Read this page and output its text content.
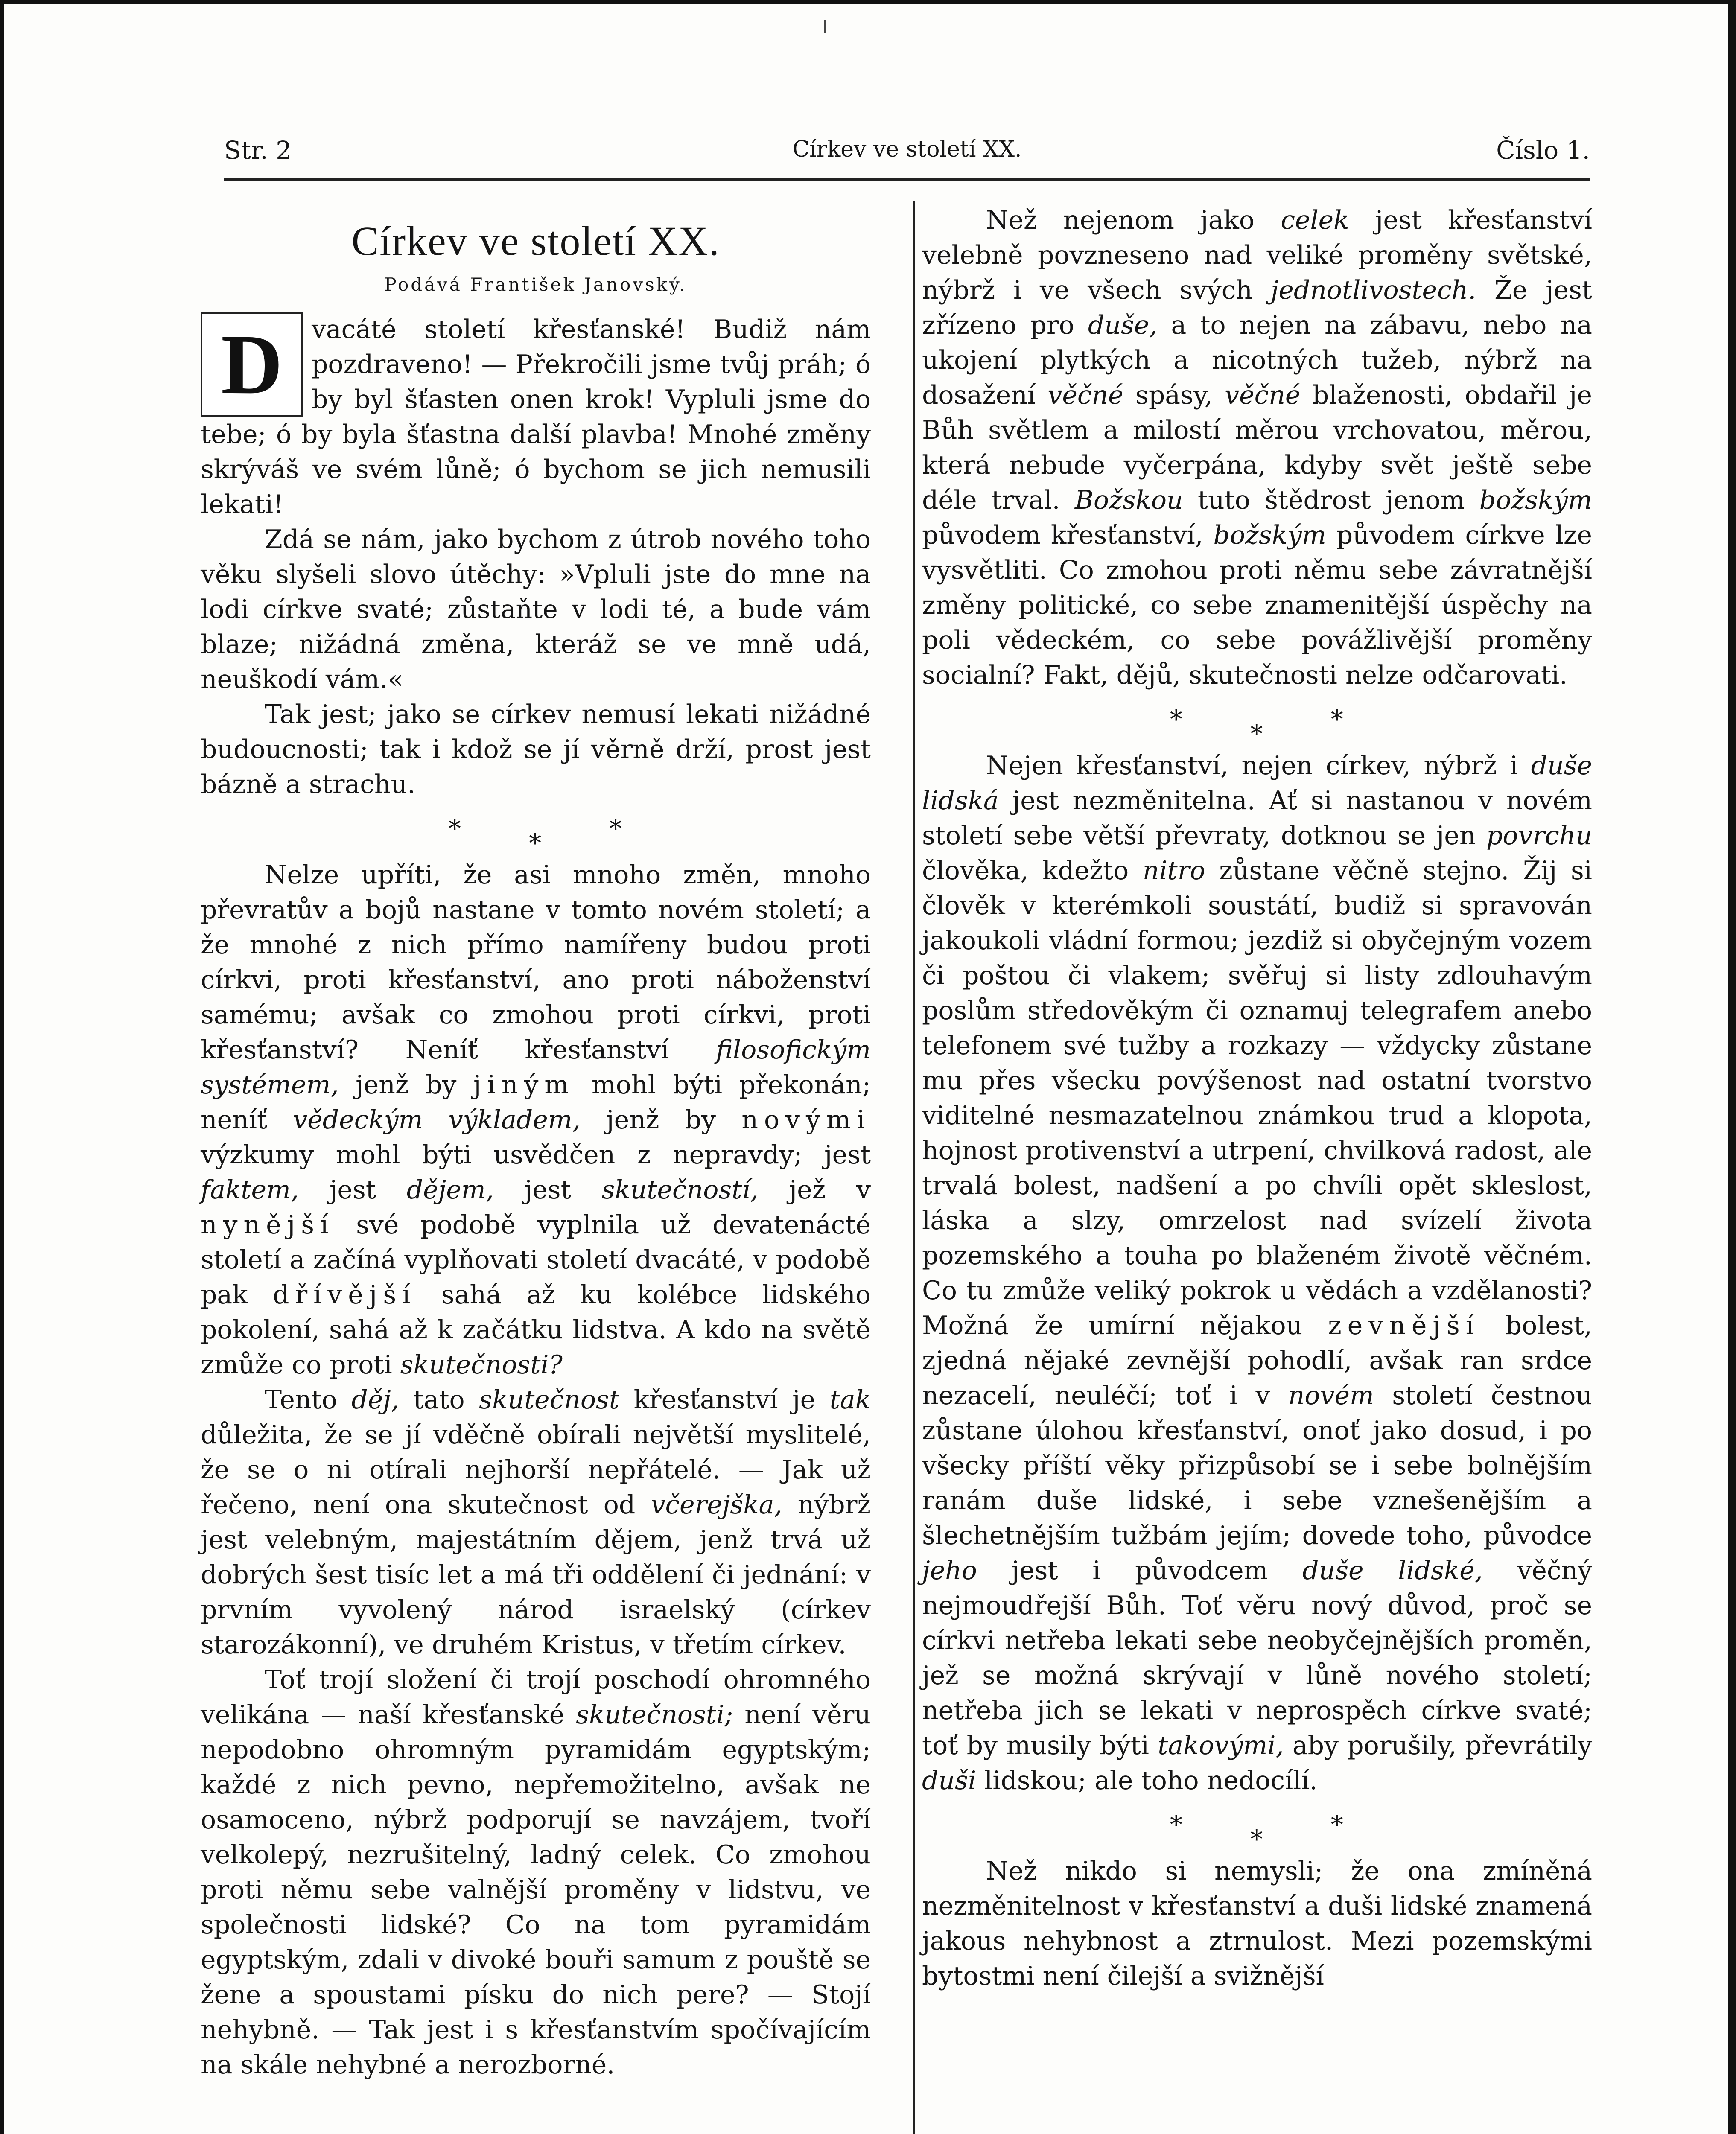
Str. 2	Církev ve století XX.	Číslo 1.
Církev ve století XX.
Podává František Janovský.

D	vacáté století křesťanské! Budiž nám pozdraveno! — Překročili jsme tvůj práh; ó by byl šťasten onen krok! Vypluli jsme do tebe; ó by byla šťastna další plavba! Mnohé změny skrýváš ve svém lůně; ó bychom se jich nemusili lekati!

Zdá se nám, jako bychom z útrob nového toho věku slyšeli slovo útěchy: »Vpluli jste do mne na lodi církve svaté; zůstaňte v lodi té, a bude vám blaze; nižádná změna, kteráž se ve mně udá, neuškodí vám.«

Tak jest; jako se církev nemusí lekati nižádné budoucnosti; tak i kdož se jí věrně drží, prost jest bázně a strachu.

*	*	*

Nelze upříti, že asi mnoho změn, mnoho převratův a bojů nastane v tomto novém století; a že mnohé z nich přímo namířeny budou proti církvi, proti křesťanství, ano proti náboženství samému; avšak co zmohou proti církvi, proti křesťanství? Neníť křesťanství filosofickým systémem, jenž by jiným mohl býti překonán; neníť vědeckým výkladem, jenž by novými výzkumy mohl býti usvědčen z nepravdy; jest faktem, jest dějem, jest skutečností, jež v nynější své podobě vyplnila už devatenácté století a začíná vyplňovati století dvacáté, v podobě pak dřívější sahá až ku kolébce lidského pokolení, sahá až k začátku lidstva. A kdo na světě zmůže co proti skutečnosti?

Tento děj, tato skutečnost křesťanství je tak důležita, že se jí vděčně obírali největší myslitelé, že se o ni otírali nejhorší nepřátelé. — Jak už řečeno, není ona skutečnost od včerejška, nýbrž jest velebným, majestátním dějem, jenž trvá už dobrých šest tisíc let a má tři oddělení či jednání: v prvním vyvolený národ israelský (církev starozákonní), ve druhém Kristus, v třetím církev.

Toť trojí složení či trojí poschodí ohromného velikána — naší křesťanské skutečnosti; není věru nepodobno ohromným pyramidám egyptským; každé z nich pevno, nepřemožitelno, avšak ne osamoceno, nýbrž podporují se navzájem, tvoří velkolepý, nezrušitelný, ladný celek. Co zmohou proti němu sebe valnější proměny v lidstvu, ve společnosti lidské? Co na tom pyramidám egyptským, zdali v divoké bouři samum z pouště se žene a spoustami písku do nich pere? — Stojí nehybně. — Tak jest i s křesťanstvím spočívajícím na skále nehybné a nerozborné.

Než nejenom jako celek jest křesťanství velebně povzneseno nad veliké proměny světské, nýbrž i ve všech svých jednotlivostech. Že jest zřízeno pro duše, a to nejen na zábavu, nebo na ukojení plytkých a nicotných tužeb, nýbrž na dosažení věčné spásy, věčné blaženosti, obdařil je Bůh světlem a milostí měrou vrchovatou, měrou, která nebude vyčerpána, kdyby svět ještě sebe déle trval. Božskou tuto štědrost jenom božským původem křesťanství, božským původem církve lze vysvětliti. Co zmohou proti němu sebe závratnější změny politické, co sebe znamenitější úspěchy na poli vědeckém, co sebe povážlivější proměny socialní? Fakt, dějů, skutečnosti nelze odčarovati.

*	*	*

Nejen křesťanství, nejen církev, nýbrž i duše lidská jest nezměnitelna. Ať si nastanou v novém století sebe větší převraty, dotknou se jen povrchu člověka, kdežto nitro zůstane věčně stejno. Žij si člověk v kterémkoli soustátí, budiž si spravován jakoukoli vládní formou; jezdiž si obyčejným vozem či poštou či vlakem; svěřuj si listy zdlouhavým poslům středověkým či oznamuj telegrafem anebo telefonem své tužby a rozkazy — vždycky zůstane mu přes všecku povýšenost nad ostatní tvorstvo viditelné nesmazatelnou známkou trud a klopota, hojnost protivenství a utrpení, chvilková radost, ale trvalá bolest, nadšení a po chvíli opět skleslost, láska a slzy, omrzelost nad svízelí života pozemského a touha po blaženém životě věčném. Co tu zmůže veliký pokrok u vědách a vzdělanosti? Možná že umírní nějakou zevnější bolest, zjedná nějaké zevnější pohodlí, avšak ran srdce nezacelí, neuléčí; toť i v novém století čestnou zůstane úlohou křesťanství, onoť jako dosud, i po všecky příští věky přizpůsobí se i sebe bolnějším ranám duše lidské, i sebe vznešenějším a šlechetnějším tužbám jejím; dovede toho, původce jeho jest i původcem duše lidské, věčný nejmoudřejší Bůh. Toť věru nový důvod, proč se církvi netřeba lekati sebe neobyčejnějších proměn, jež se možná skrývají v lůně nového století; netřeba jich se lekati v neprospěch církve svaté; toť by musily býti takovými, aby porušily, převrátily duši lidskou; ale toho nedocílí.

*	*	*

Než nikdo si nemysli; že ona zmíněná nezměnitelnost v křesťanství a duši lidské znamená jakous nehybnost a ztrnulost. Mezi pozemskými bytostmi není čilejší a svižnější
